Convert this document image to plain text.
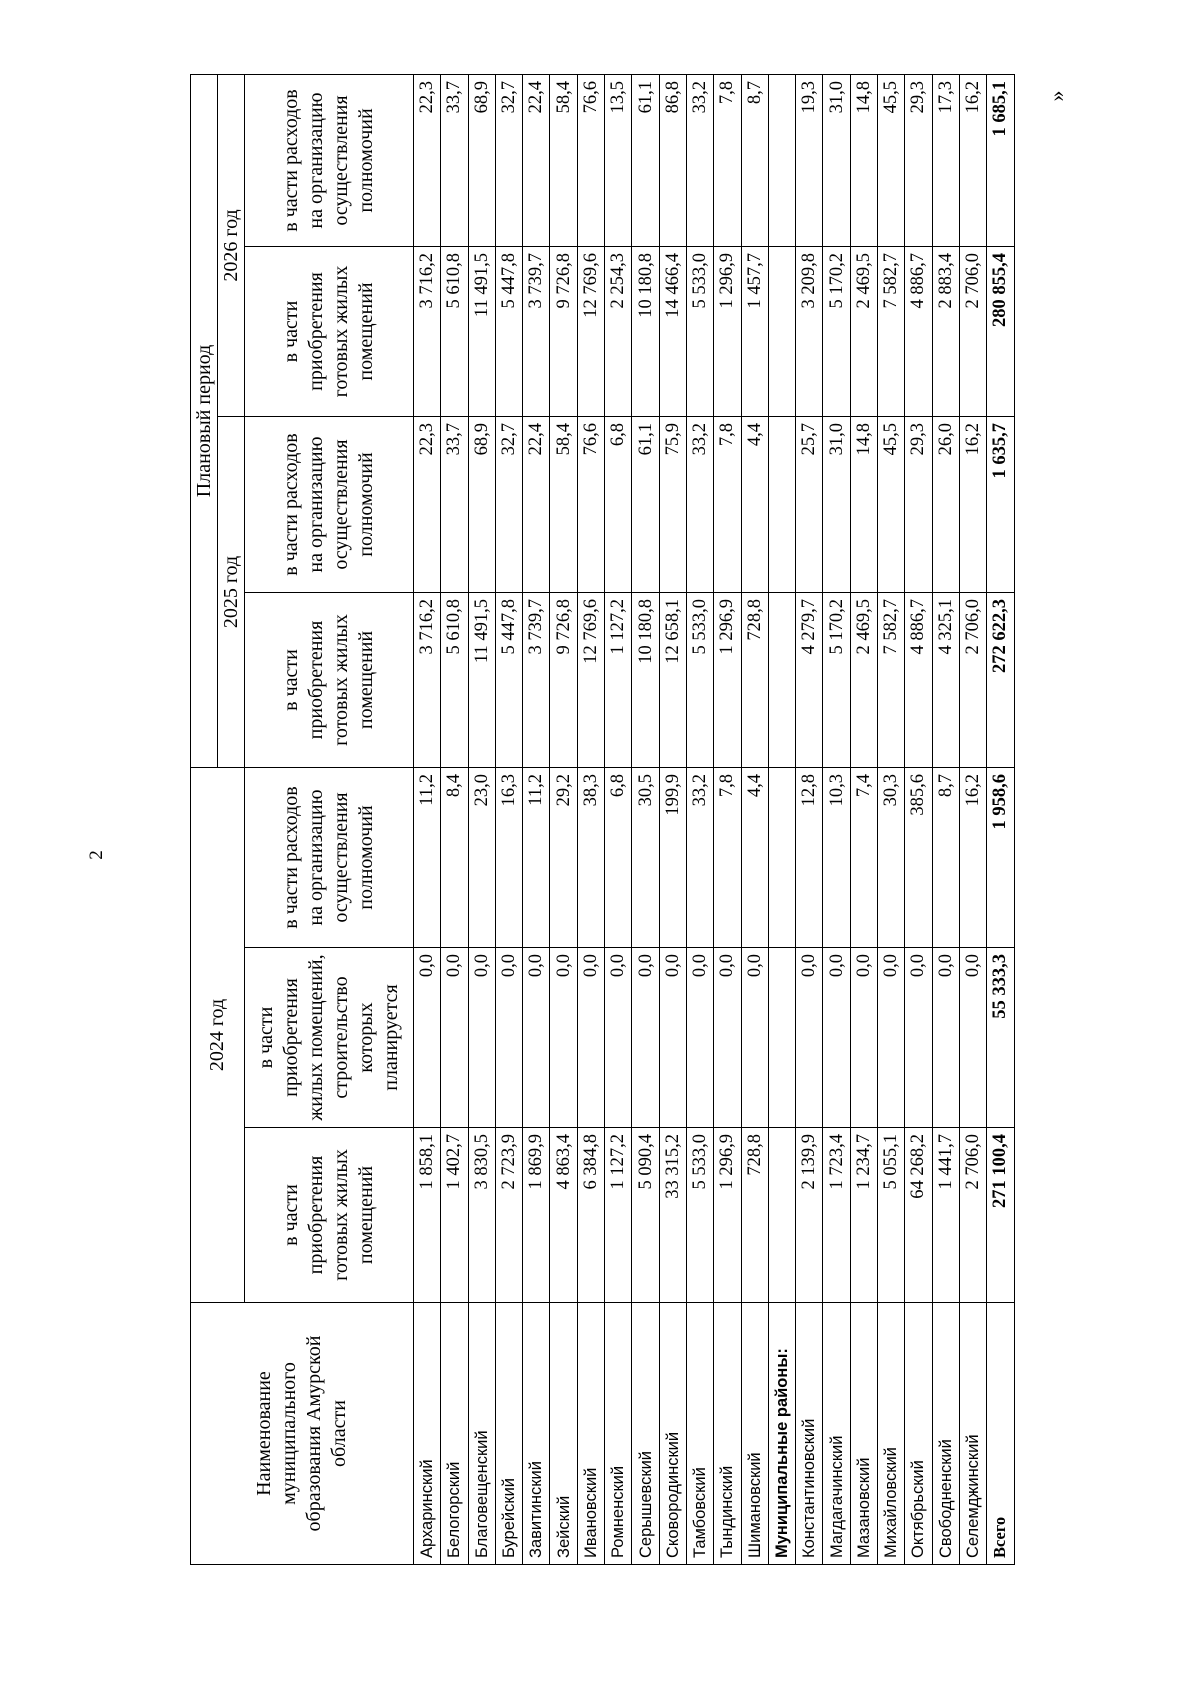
2
Наименование муниципального образования Амурской области	2024 год			Плановый период			
				2025 год		2026 год	
	в части приобретения готовых жилых помещений	в части приобретения жилых помещений, строительство которых планируется	в части расходов на организацию осуществления полномочий	в части приобретения готовых жилых помещений	в части расходов на организацию осуществления полномочий	в части приобретения готовых жилых помещений	в части расходов на организацию осуществления полномочий
Архаринский	1 858,1	0,0	11,2	3 716,2	22,3	3 716,2	22,3
Белогорский	1 402,7	0,0	8,4	5 610,8	33,7	5 610,8	33,7
Благовещенский	3 830,5	0,0	23,0	11 491,5	68,9	11 491,5	68,9
Бурейский	2 723,9	0,0	16,3	5 447,8	32,7	5 447,8	32,7
Завитинский	1 869,9	0,0	11,2	3 739,7	22,4	3 739,7	22,4
Зейский	4 863,4	0,0	29,2	9 726,8	58,4	9 726,8	58,4
Ивановский	6 384,8	0,0	38,3	12 769,6	76,6	12 769,6	76,6
Ромненский	1 127,2	0,0	6,8	1 127,2	6,8	2 254,3	13,5
Серышевский	5 090,4	0,0	30,5	10 180,8	61,1	10 180,8	61,1
Сковородинский	33 315,2	0,0	199,9	12 658,1	75,9	14 466,4	86,8
Тамбовский	5 533,0	0,0	33,2	5 533,0	33,2	5 533,0	33,2
Тындинский	1 296,9	0,0	7,8	1 296,9	7,8	1 296,9	7,8
Шимановский	728,8	0,0	4,4	728,8	4,4	1 457,7	8,7
Муниципальные районы:							
Константиновский	2 139,9	0,0	12,8	4 279,7	25,7	3 209,8	19,3
Магдагачинский	1 723,4	0,0	10,3	5 170,2	31,0	5 170,2	31,0
Мазановский	1 234,7	0,0	7,4	2 469,5	14,8	2 469,5	14,8
Михайловский	5 055,1	0,0	30,3	7 582,7	45,5	7 582,7	45,5
Октябрьский	64 268,2	0,0	385,6	4 886,7	29,3	4 886,7	29,3
Свободненский	1 441,7	0,0	8,7	4 325,1	26,0	2 883,4	17,3
Селемджинский	2 706,0	0,0	16,2	2 706,0	16,2	2 706,0	16,2
Всего	271 100,4	55 333,3	1 958,6	272 622,3	1 635,7	280 855,4	1 685,1 »
